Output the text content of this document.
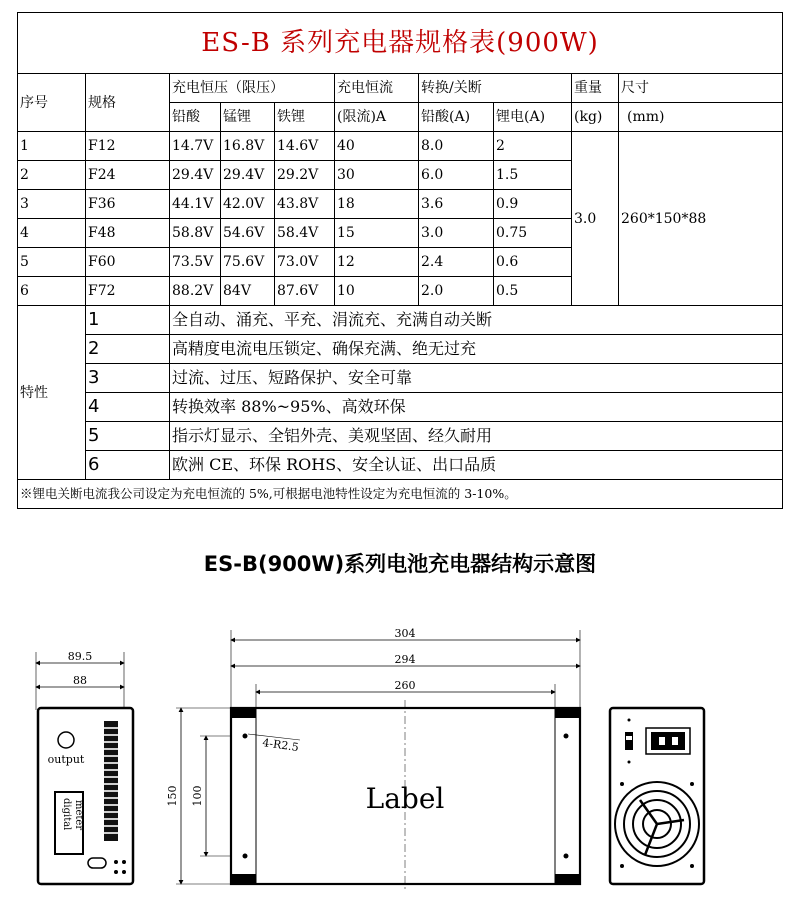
ES-B 系列充电器规格表(900W)									
序号	规格	充电恒压（限压）			充电恒流	转换/关断		重量	尺寸
		铅酸	锰锂	铁锂	(限流)A	铅酸(A)	锂电(A)	(kg)	(mm)
1	F12	14.7V	16.8V	14.6V	40	8.0	2	3.0	260*150*88
2	F24	29.4V	29.4V	29.2V	30	6.0	1.5		
3	F36	44.1V	42.0V	43.8V	18	3.6	0.9		
4	F48	58.8V	54.6V	58.4V	15	3.0	0.75		
5	F60	73.5V	75.6V	73.0V	12	2.4	0.6		
6	F72	88.2V	84V	87.6V	10	2.0	0.5		
特性	1	全自动、涌充、平充、涓流充、充满自动关断							
	2	高精度电流电压锁定、确保充满、绝无过充							
	3	过流、过压、短路保护、安全可靠							
	4	转换效率 88%~95%、高效环保							
	5	指示灯显示、全铝外壳、美观坚固、经久耐用							
	6	欧洲 CE、环保 ROHS、安全认证、出口品质							
※锂电关断电流我公司设定为充电恒流的 5%,可根据电池特性设定为充电恒流的 3-10%。									
ES-B(900W)系列电池充电器结构示意图
89.5
88
output
meter
digital
304
294
260
150 100
4-R2.5
Label
